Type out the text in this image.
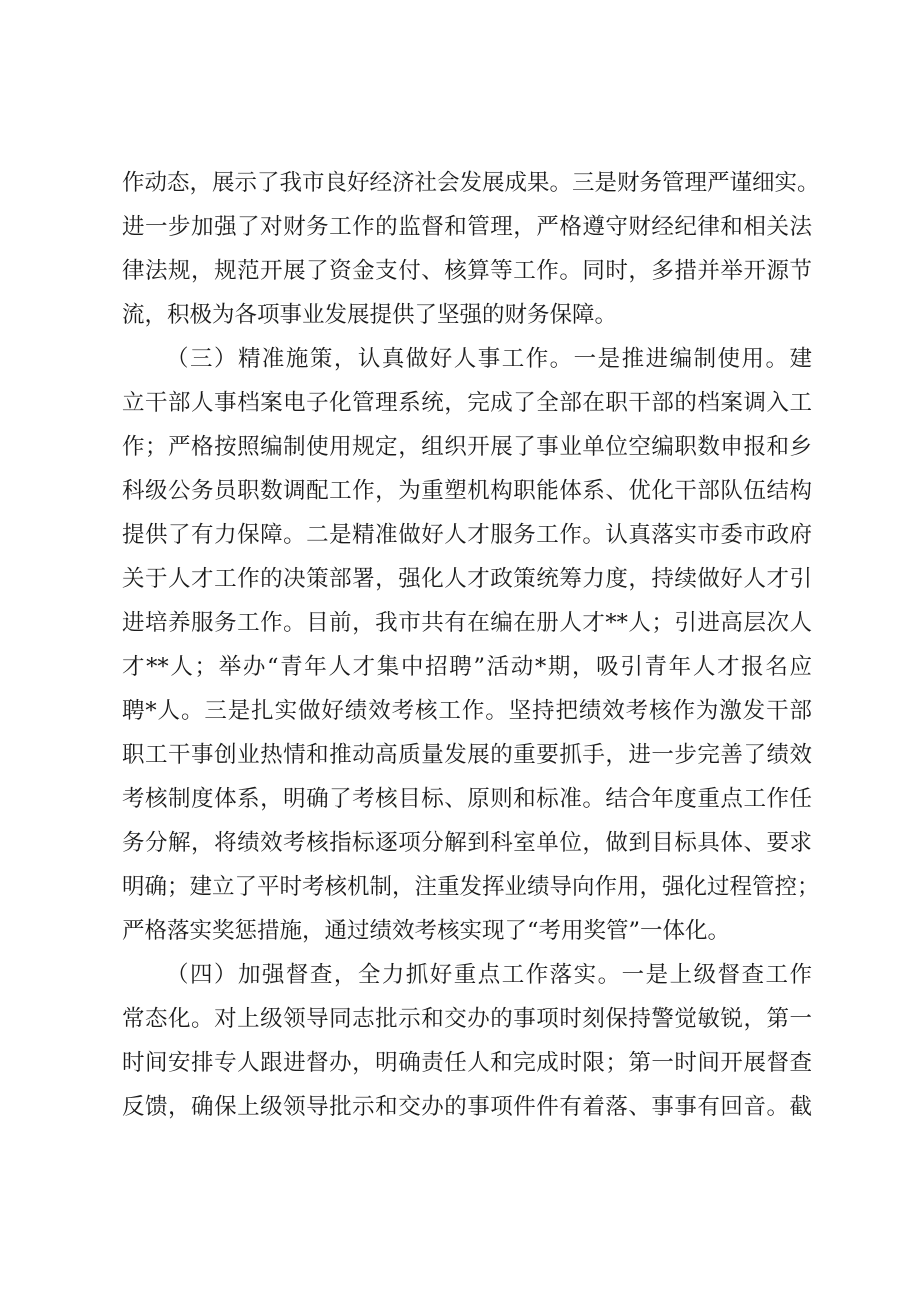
作动态，展示了我市良好经济社会发展成果。三是财务管理严谨细实。
进一步加强了对财务工作的监督和管理，严格遵守财经纪律和相关法
律法规，规范开展了资金支付、核算等工作。同时，多措并举开源节
流，积极为各项事业发展提供了坚强的财务保障。
（三）精准施策，认真做好人事工作。一是推进编制使用。建
立干部人事档案电子化管理系统，完成了全部在职干部的档案调入工
作；严格按照编制使用规定，组织开展了事业单位空编职数申报和乡
科级公务员职数调配工作，为重塑机构职能体系、优化干部队伍结构
提供了有力保障。二是精准做好人才服务工作。认真落实市委市政府
关于人才工作的决策部署，强化人才政策统筹力度，持续做好人才引
进培养服务工作。目前，我市共有在编在册人才**人；引进高层次人
才**人；举办“青年人才集中招聘”活动*期，吸引青年人才报名应
聘*人。三是扎实做好绩效考核工作。坚持把绩效考核作为激发干部
职工干事创业热情和推动高质量发展的重要抓手，进一步完善了绩效
考核制度体系，明确了考核目标、原则和标准。结合年度重点工作任
务分解，将绩效考核指标逐项分解到科室单位，做到目标具体、要求
明确；建立了平时考核机制，注重发挥业绩导向作用，强化过程管控；
严格落实奖惩措施，通过绩效考核实现了“考用奖管”一体化。
（四）加强督查，全力抓好重点工作落实。一是上级督查工作
常态化。对上级领导同志批示和交办的事项时刻保持警觉敏锐，第一
时间安排专人跟进督办，明确责任人和完成时限；第一时间开展督查
反馈，确保上级领导批示和交办的事项件件有着落、事事有回音。截
